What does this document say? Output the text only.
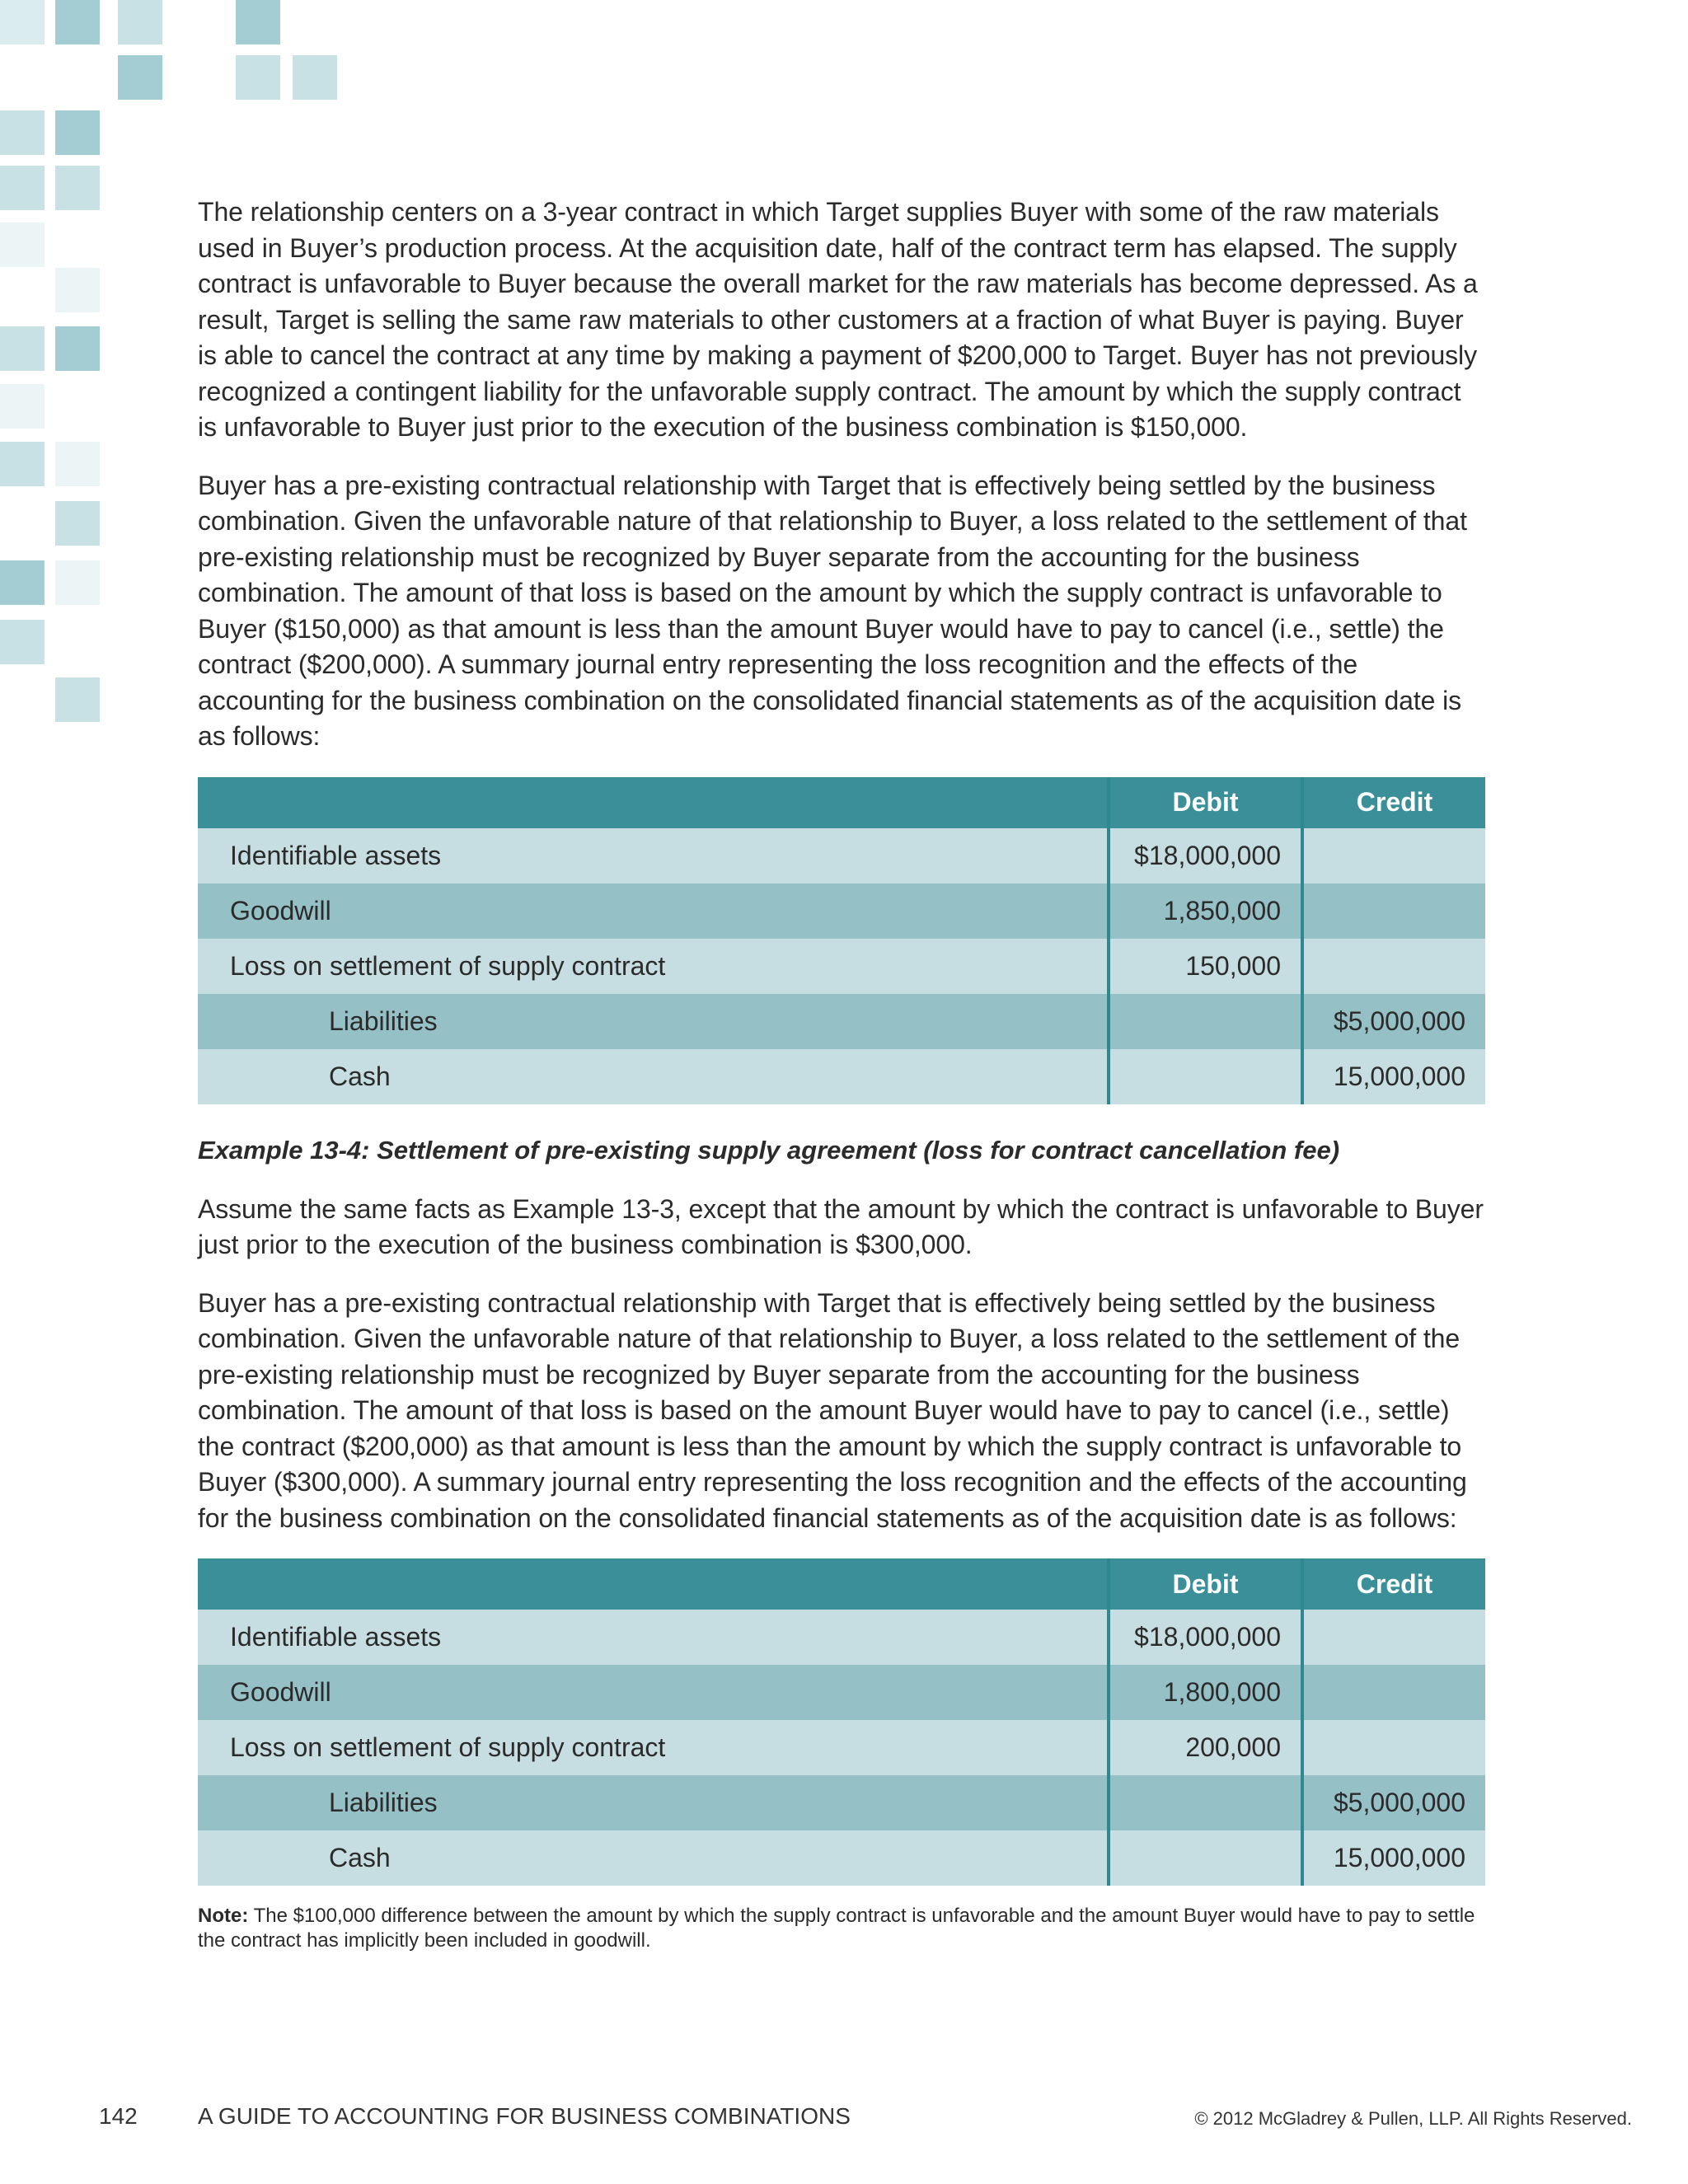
The relationship centers on a 3-year contract in which Target supplies Buyer with some of the raw materials used in Buyer’s production process. At the acquisition date, half of the contract term has elapsed. The supply contract is unfavorable to Buyer because the overall market for the raw materials has become depressed. As a result, Target is selling the same raw materials to other customers at a fraction of what Buyer is paying. Buyer is able to cancel the contract at any time by making a payment of $200,000 to Target. Buyer has not previously recognized a contingent liability for the unfavorable supply contract. The amount by which the supply contract is unfavorable to Buyer just prior to the execution of the business combination is $150,000.

Buyer has a pre-existing contractual relationship with Target that is effectively being settled by the business combination. Given the unfavorable nature of that relationship to Buyer, a loss related to the settlement of that pre-existing relationship must be recognized by Buyer separate from the accounting for the business combination. The amount of that loss is based on the amount by which the supply contract is unfavorable to Buyer ($150,000) as that amount is less than the amount Buyer would have to pay to cancel (i.e., settle) the contract ($200,000). A summary journal entry representing the loss recognition and the effects of the accounting for the business combination on the consolidated financial statements as of the acquisition date is as follows:

	Debit	Credit
Identifiable assets	$18,000,000	
Goodwill	1,850,000	
Loss on settlement of supply contract	150,000	
Liabilities		$5,000,000
Cash		15,000,000
Example 13-4: Settlement of pre-existing supply agreement (loss for contract cancellation fee)

Assume the same facts as Example 13-3, except that the amount by which the contract is unfavorable to Buyer just prior to the execution of the business combination is $300,000.

Buyer has a pre-existing contractual relationship with Target that is effectively being settled by the business combination. Given the unfavorable nature of that relationship to Buyer, a loss related to the settlement of the pre-existing relationship must be recognized by Buyer separate from the accounting for the business combination. The amount of that loss is based on the amount Buyer would have to pay to cancel (i.e., settle) the contract ($200,000) as that amount is less than the amount by which the supply contract is unfavorable to Buyer ($300,000). A summary journal entry representing the loss recognition and the effects of the accounting for the business combination on the consolidated financial statements as of the acquisition date is as follows:

	Debit	Credit
Identifiable assets	$18,000,000	
Goodwill	1,800,000	
Loss on settlement of supply contract	200,000	
Liabilities		$5,000,000
Cash		15,000,000
Note: The $100,000 difference between the amount by which the supply contract is unfavorable and the amount Buyer would have to pay to settle the contract has implicitly been included in goodwill.
142	A GUIDE TO ACCOUNTING FOR BUSINESS COMBINATIONS	© 2012 McGladrey & Pullen, LLP. All Rights Reserved.
